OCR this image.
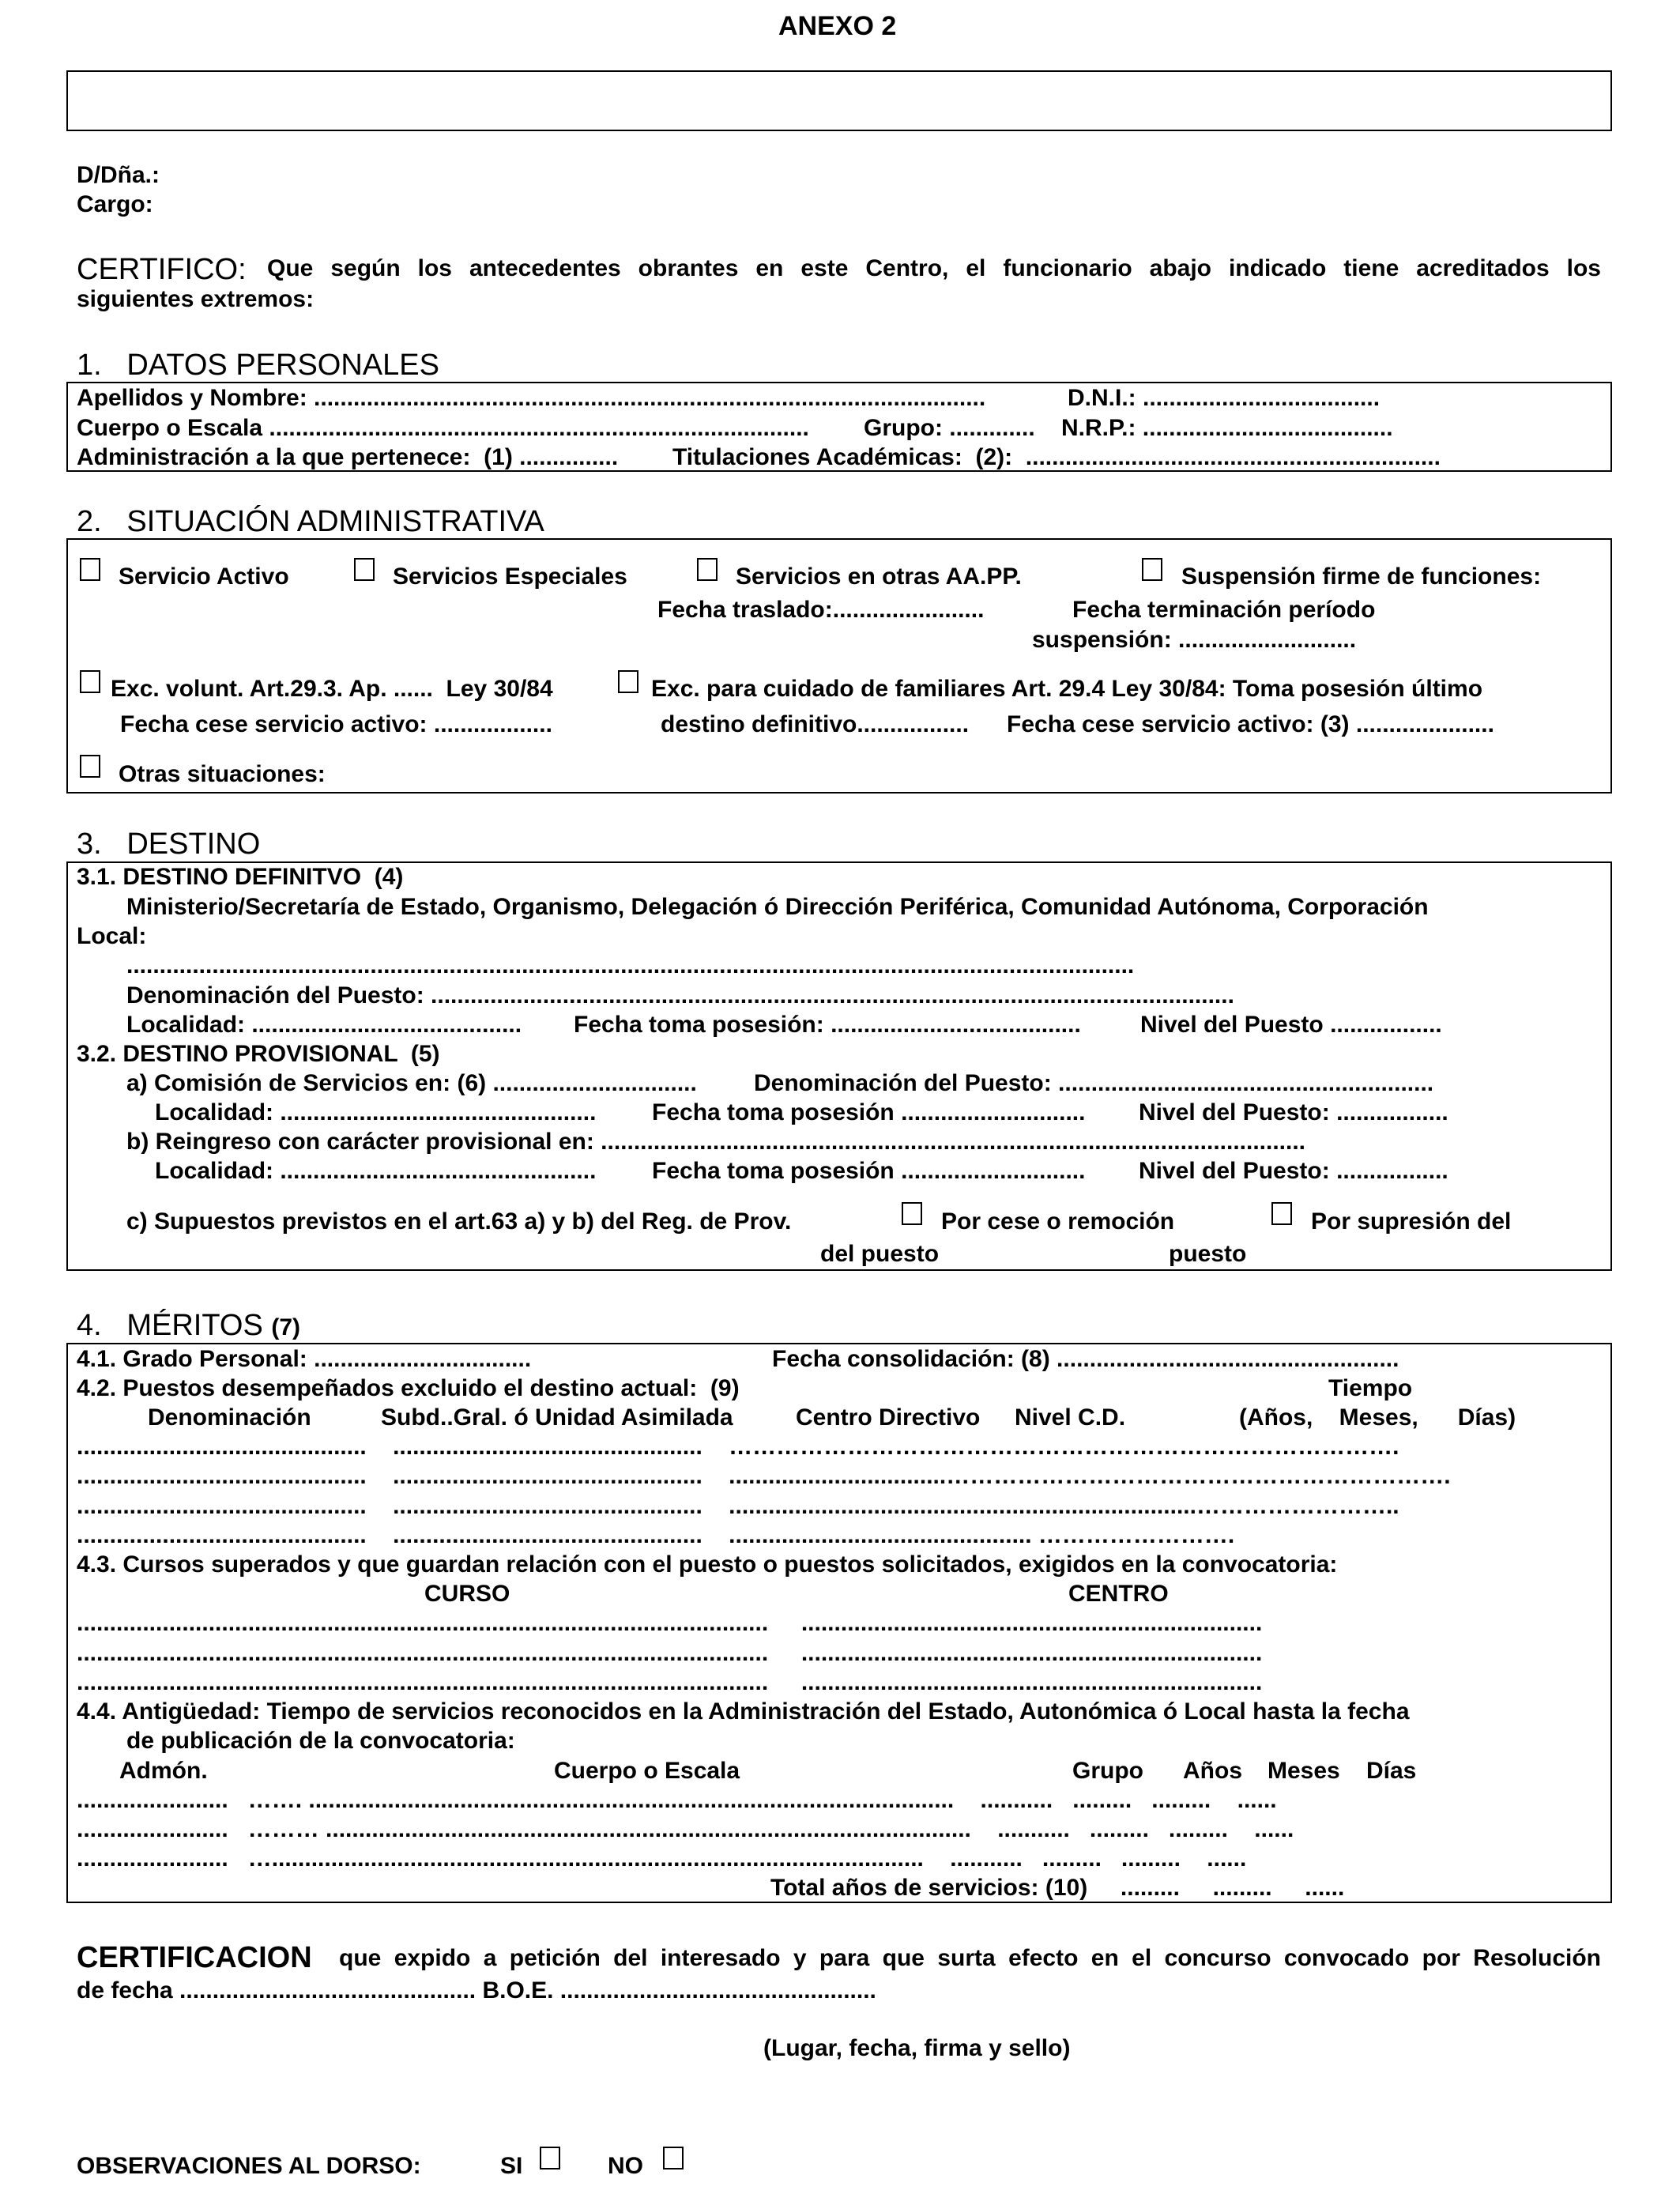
ANEXO 2
D/Dña.:
Cargo:
CERTIFICO: Que según los antecedentes obrantes en este Centro, el funcionario abajo indicado tiene acreditados los
siguientes extremos:
1.   DATOS PERSONALES
Apellidos y Nombre: ......................................................................................................	D.N.I.: ....................................
Cuerpo o Escala .................................................................................. Grupo: ............. N.R.P.: ......................................
Administración a la que pertenece:  (1) ............... Titulaciones Académicas:  (2):  ...............................................................
2.   SITUACIÓN ADMINISTRATIVA
Servicio Activo	Servicios Especiales	Servicios en otras AA.PP.	Suspensión firme de funciones:
Fecha traslado:.......................	Fecha terminación período
suspensión: ...........................
Exc. volunt. Art.29.3. Ap. ......  Ley 30/84	Exc. para cuidado de familiares Art. 29.4 Ley 30/84: Toma posesión último
Fecha cese servicio activo: ..................	destino definitivo................. Fecha cese servicio activo: (3) .....................
Otras situaciones:
3.   DESTINO
3.1. DESTINO DEFINITVO  (4)
Ministerio/Secretaría de Estado, Organismo, Delegación ó Dirección Periférica, Comunidad Autónoma, Corporación
Local:
.........................................................................................................................................................
Denominación del Puesto: ..........................................................................................................................
Localidad: ......................................... Fecha toma posesión: ......................................	Nivel del Puesto .................
3.2. DESTINO PROVISIONAL  (5)
a) Comisión de Servicios en: (6) ............................... Denominación del Puesto: .........................................................
Localidad: ................................................ Fecha toma posesión ............................ Nivel del Puesto: .................
b) Reingreso con carácter provisional en: ...........................................................................................................
Localidad: ................................................ Fecha toma posesión ............................ Nivel del Puesto: .................
c) Supuestos previstos en el art.63 a) y b) del Reg. de Prov.	Por cese o remoción
del puesto
Por supresión del
puesto
4.   MÉRITOS (7)
4.1. Grado Personal: .................................	Fecha consolidación: (8) ....................................................
4.2. Puestos desempeñados excluido el destino actual:  (9)	Tiempo
Denominación	Subd..Gral. ó Unidad Asimilada	Centro Directivo Nivel C.D.	(Años,    Meses,      Días)
............................................    ...............................................    ………………………………………………………………………….
............................................    ...............................................    .................................……………………………………………………….
............................................    ...............................................    .......................................................................……………………..
............................................    ...............................................    .............................................. …………………….
4.3. Cursos superados y que guardan relación con el puesto o puestos solicitados, exigidos en la convocatoria:
CURSO	CENTRO
.........................................................................................................     ......................................................................
.........................................................................................................     ......................................................................
.........................................................................................................     ......................................................................
4.4. Antigüedad: Tiempo de servicios reconocidos en la Administración del Estado, Autonómica ó Local hasta la fecha
de publicación de la convocatoria:
Admón.	Cuerpo o Escala	Grupo Años Meses Días
.......................   ……. ..................................................................................................    ...........   .........   .........    ......
.......................   ……… ..................................................................................................    ...........   .........   .........    ......
.......................   …...................................................................................................    ...........   .........   .........    ......
Total años de servicios: (10)     .........     .........     ......
CERTIFICACION que expido a petición del interesado y para que surta efecto en el concurso convocado por Resolución
de fecha ............................................. B.O.E. ................................................
(Lugar, fecha, firma y sello)
OBSERVACIONES AL DORSO:	SI	NO
